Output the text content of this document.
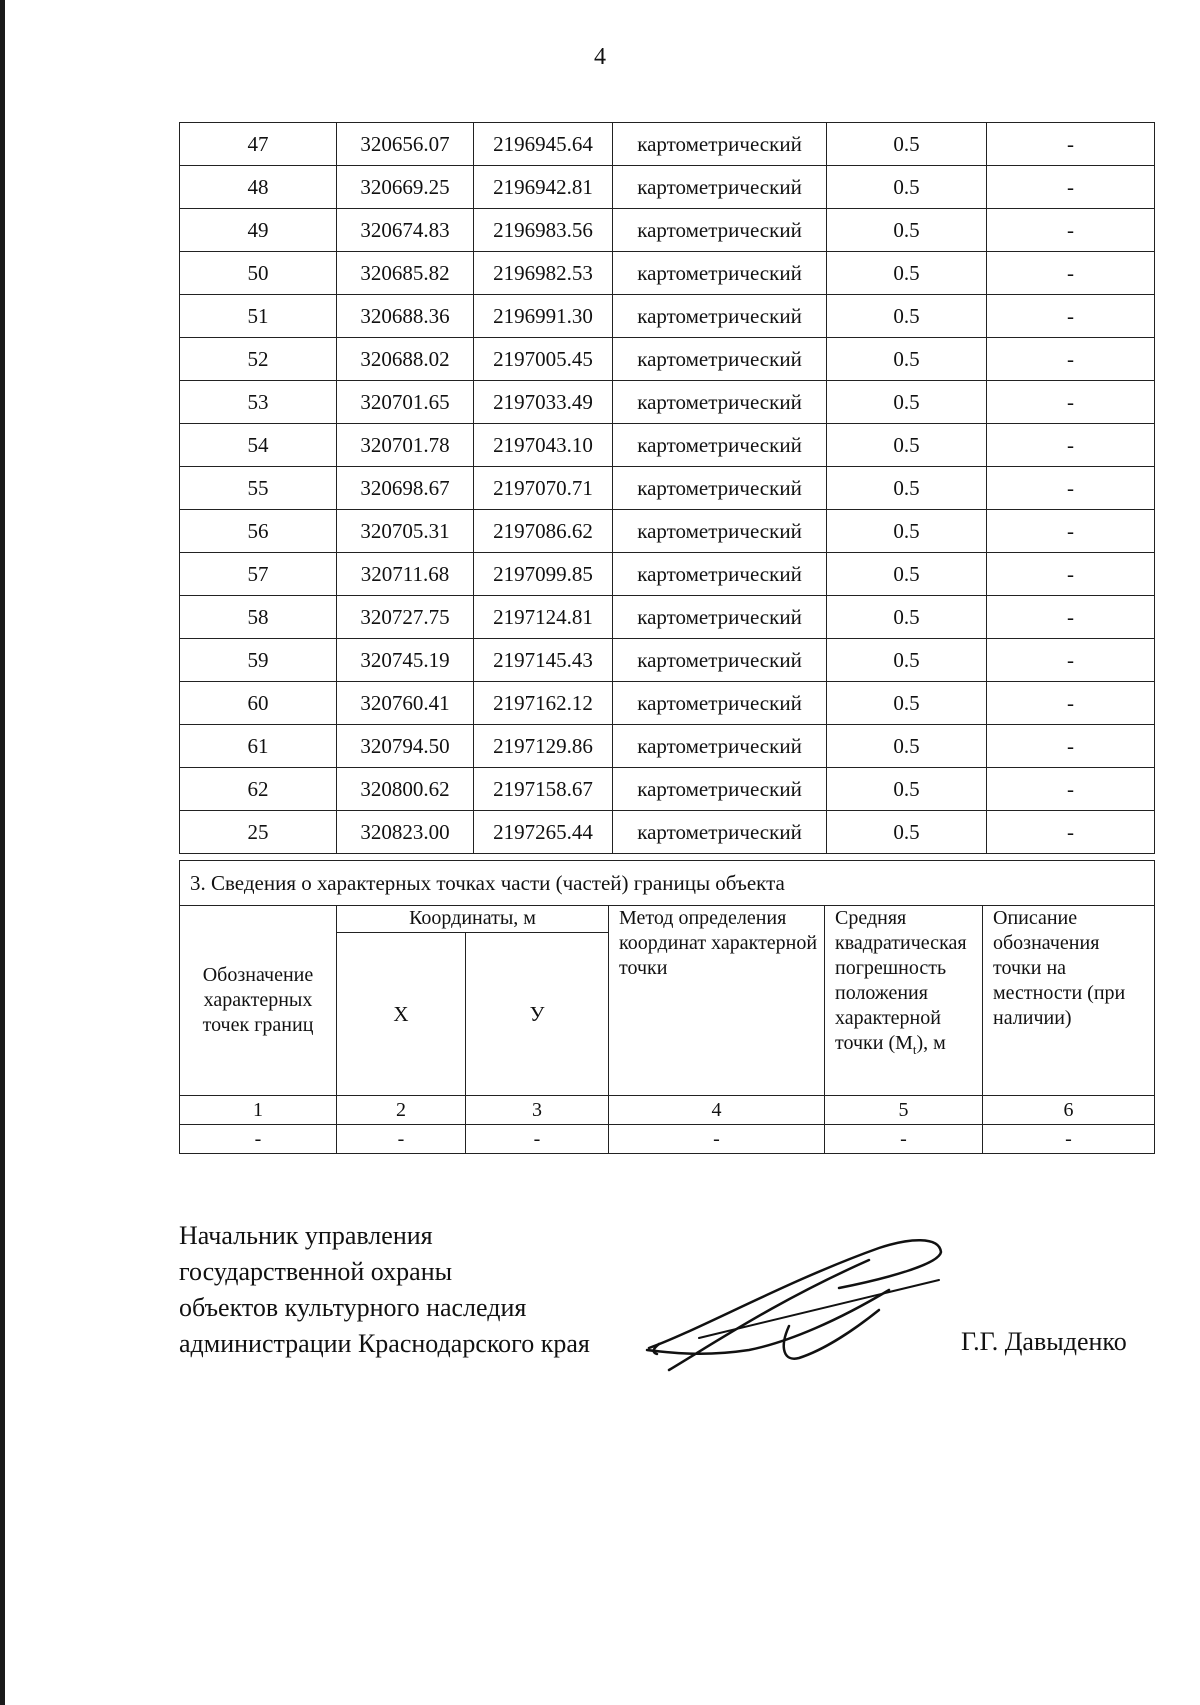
4
47	320656.07	2196945.64	картометрический	0.5	-
48	320669.25	2196942.81	картометрический	0.5	-
49	320674.83	2196983.56	картометрический	0.5	-
50	320685.82	2196982.53	картометрический	0.5	-
51	320688.36	2196991.30	картометрический	0.5	-
52	320688.02	2197005.45	картометрический	0.5	-
53	320701.65	2197033.49	картометрический	0.5	-
54	320701.78	2197043.10	картометрический	0.5	-
55	320698.67	2197070.71	картометрический	0.5	-
56	320705.31	2197086.62	картометрический	0.5	-
57	320711.68	2197099.85	картометрический	0.5	-
58	320727.75	2197124.81	картометрический	0.5	-
59	320745.19	2197145.43	картометрический	0.5	-
60	320760.41	2197162.12	картометрический	0.5	-
61	320794.50	2197129.86	картометрический	0.5	-
62	320800.62	2197158.67	картометрический	0.5	-
25	320823.00	2197265.44	картометрический	0.5	-
3. Сведения о характерных точках части (частей) границы объекта					
Обозначение характерных точек границ	Координаты, м		Метод определения координат характерной точки	Средняя квадратическая погрешность положения характерной точки $(M_t)$, м	Описание обозначения точки на местности (при наличии)
	X	У			
1	2	3	4	5	6
-	-	-	-	-	-
Начальник управления
государственной охраны
объектов культурного наследия
администрации Краснодарского края	Г.Г. Давыденко
